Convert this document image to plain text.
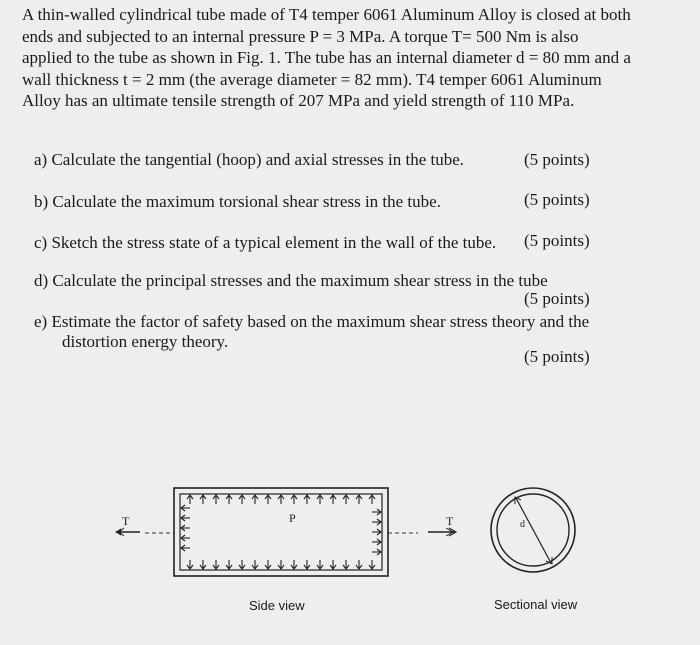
A thin-walled cylindrical tube made of T4 temper 6061 Aluminum Alloy is closed at both
ends and subjected to an internal pressure P = 3 MPa. A torque T= 500 Nm is also
applied to the tube as shown in Fig. 1. The tube has an internal diameter d = 80 mm and a
wall thickness t = 2 mm (the average diameter = 82 mm). T4 temper 6061 Aluminum
Alloy has an ultimate tensile strength of 207 MPa and yield strength of 110 MPa.
a) Calculate the tangential (hoop) and axial stresses in the tube.	(5 points)
b) Calculate the maximum torsional shear stress in the tube.	(5 points)
c) Sketch the stress state of a typical element in the wall of the tube. (5 points)
d) Calculate the principal stresses and the maximum shear stress in the tube
(5 points)
e) Estimate the factor of safety based on the maximum shear stress theory and the
distortion energy theory.
(5 points)
T	P	T	d
Side view	Sectional view
